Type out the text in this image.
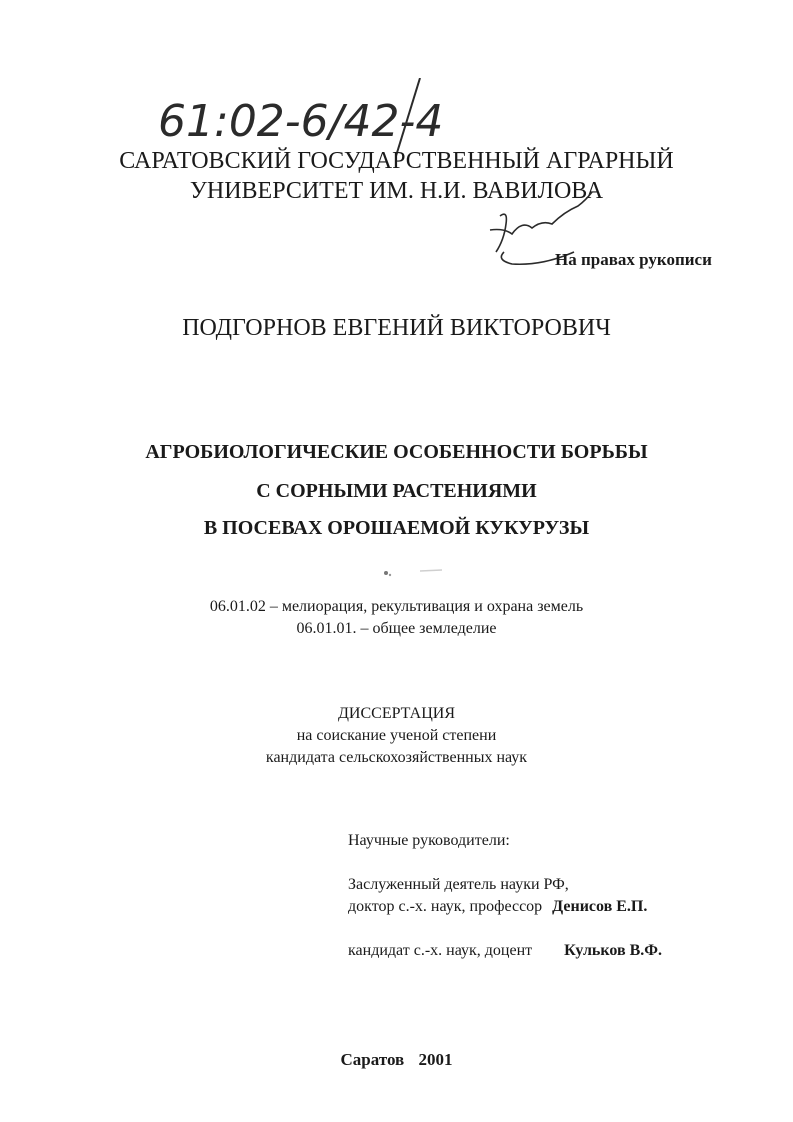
61:02-6/42-4
САРАТОВСКИЙ ГОСУДАРСТВЕННЫЙ АГРАРНЫЙ
УНИВЕРСИТЕТ ИМ. Н.И. ВАВИЛОВА
На правах рукописи
ПОДГОРНОВ ЕВГЕНИЙ ВИКТОРОВИЧ
АГРОБИОЛОГИЧЕСКИЕ ОСОБЕННОСТИ БОРЬБЫ
С СОРНЫМИ РАСТЕНИЯМИ
В ПОСЕВАХ ОРОШАЕМОЙ КУКУРУЗЫ
06.01.02 – мелиорация, рекультивация и охрана земель
06.01.01. – общее земледелие
ДИССЕРТАЦИЯ
на соискание ученой степени
кандидата сельскохозяйственных наук
Научные руководители:
Заслуженный деятель науки РФ,
доктор с.-х. наук, профессор Денисов Е.П.
кандидат с.-х. наук, доцент Кульков В.Ф.
Саратов 2001
